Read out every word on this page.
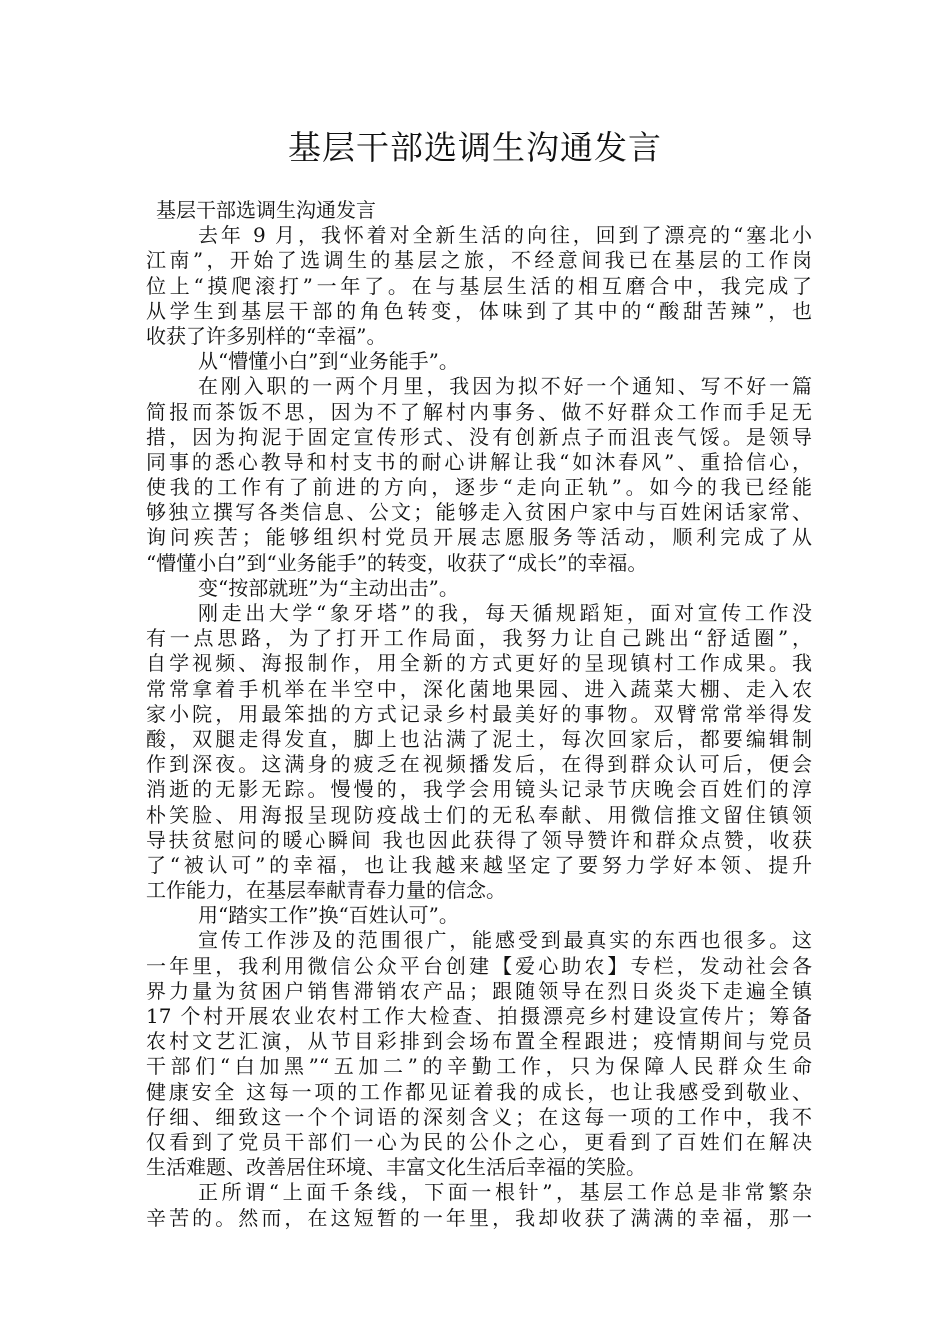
基层干部选调生沟通发言
基层干部选调生沟通发言
去年 9 月，我怀着对全新生活的向往，回到了漂亮的“塞北小
江南”，开始了选调生的基层之旅，不经意间我已在基层的工作岗
位上“摸爬滚打”一年了。在与基层生活的相互磨合中，我完成了
从学生到基层干部的角色转变，体味到了其中的“酸甜苦辣”，也
收获了许多别样的“幸福”。
从“懵懂小白”到“业务能手”。
在刚入职的一两个月里，我因为拟不好一个通知、写不好一篇
简报而茶饭不思，因为不了解村内事务、做不好群众工作而手足无
措，因为拘泥于固定宣传形式、没有创新点子而沮丧气馁。是领导
同事的悉心教导和村支书的耐心讲解让我“如沐春风”、重拾信心，
使我的工作有了前进的方向，逐步“走向正轨”。如今的我已经能
够独立撰写各类信息、公文；能够走入贫困户家中与百姓闲话家常、
询问疾苦；能够组织村党员开展志愿服务等活动，顺利完成了从
“懵懂小白”到“业务能手”的转变，收获了“成长”的幸福。
变“按部就班”为“主动出击”。
刚走出大学“象牙塔”的我，每天循规蹈矩，面对宣传工作没
有一点思路，为了打开工作局面，我努力让自己跳出“舒适圈”，
自学视频、海报制作，用全新的方式更好的呈现镇村工作成果。我
常常拿着手机举在半空中，深化菌地果园、进入蔬菜大棚、走入农
家小院，用最笨拙的方式记录乡村最美好的事物。双臂常常举得发
酸，双腿走得发直，脚上也沾满了泥土，每次回家后，都要编辑制
作到深夜。这满身的疲乏在视频播发后，在得到群众认可后，便会
消逝的无影无踪。慢慢的，我学会用镜头记录节庆晚会百姓们的淳
朴笑脸、用海报呈现防疫战士们的无私奉献、用微信推文留住镇领
导扶贫慰问的暖心瞬间 我也因此获得了领导赞许和群众点赞，收获
了“被认可”的幸福，也让我越来越坚定了要努力学好本领、提升
工作能力，在基层奉献青春力量的信念。
用“踏实工作”换“百姓认可”。
宣传工作涉及的范围很广，能感受到最真实的东西也很多。这
一年里，我利用微信公众平台创建【爱心助农】专栏，发动社会各
界力量为贫困户销售滞销农产品；跟随领导在烈日炎炎下走遍全镇
17 个村开展农业农村工作大检查、拍摄漂亮乡村建设宣传片；筹备
农村文艺汇演，从节目彩排到会场布置全程跟进；疫情期间与党员
干部们“白加黑”“五加二”的辛勤工作，只为保障人民群众生命
健康安全 这每一项的工作都见证着我的成长，也让我感受到敬业、
仔细、细致这一个个词语的深刻含义；在这每一项的工作中，我不
仅看到了党员干部们一心为民的公仆之心，更看到了百姓们在解决
生活难题、改善居住环境、丰富文化生活后幸福的笑脸。
正所谓“上面千条线，下面一根针”，基层工作总是非常繁杂
辛苦的。然而，在这短暂的一年里，我却收获了满满的幸福，那一
